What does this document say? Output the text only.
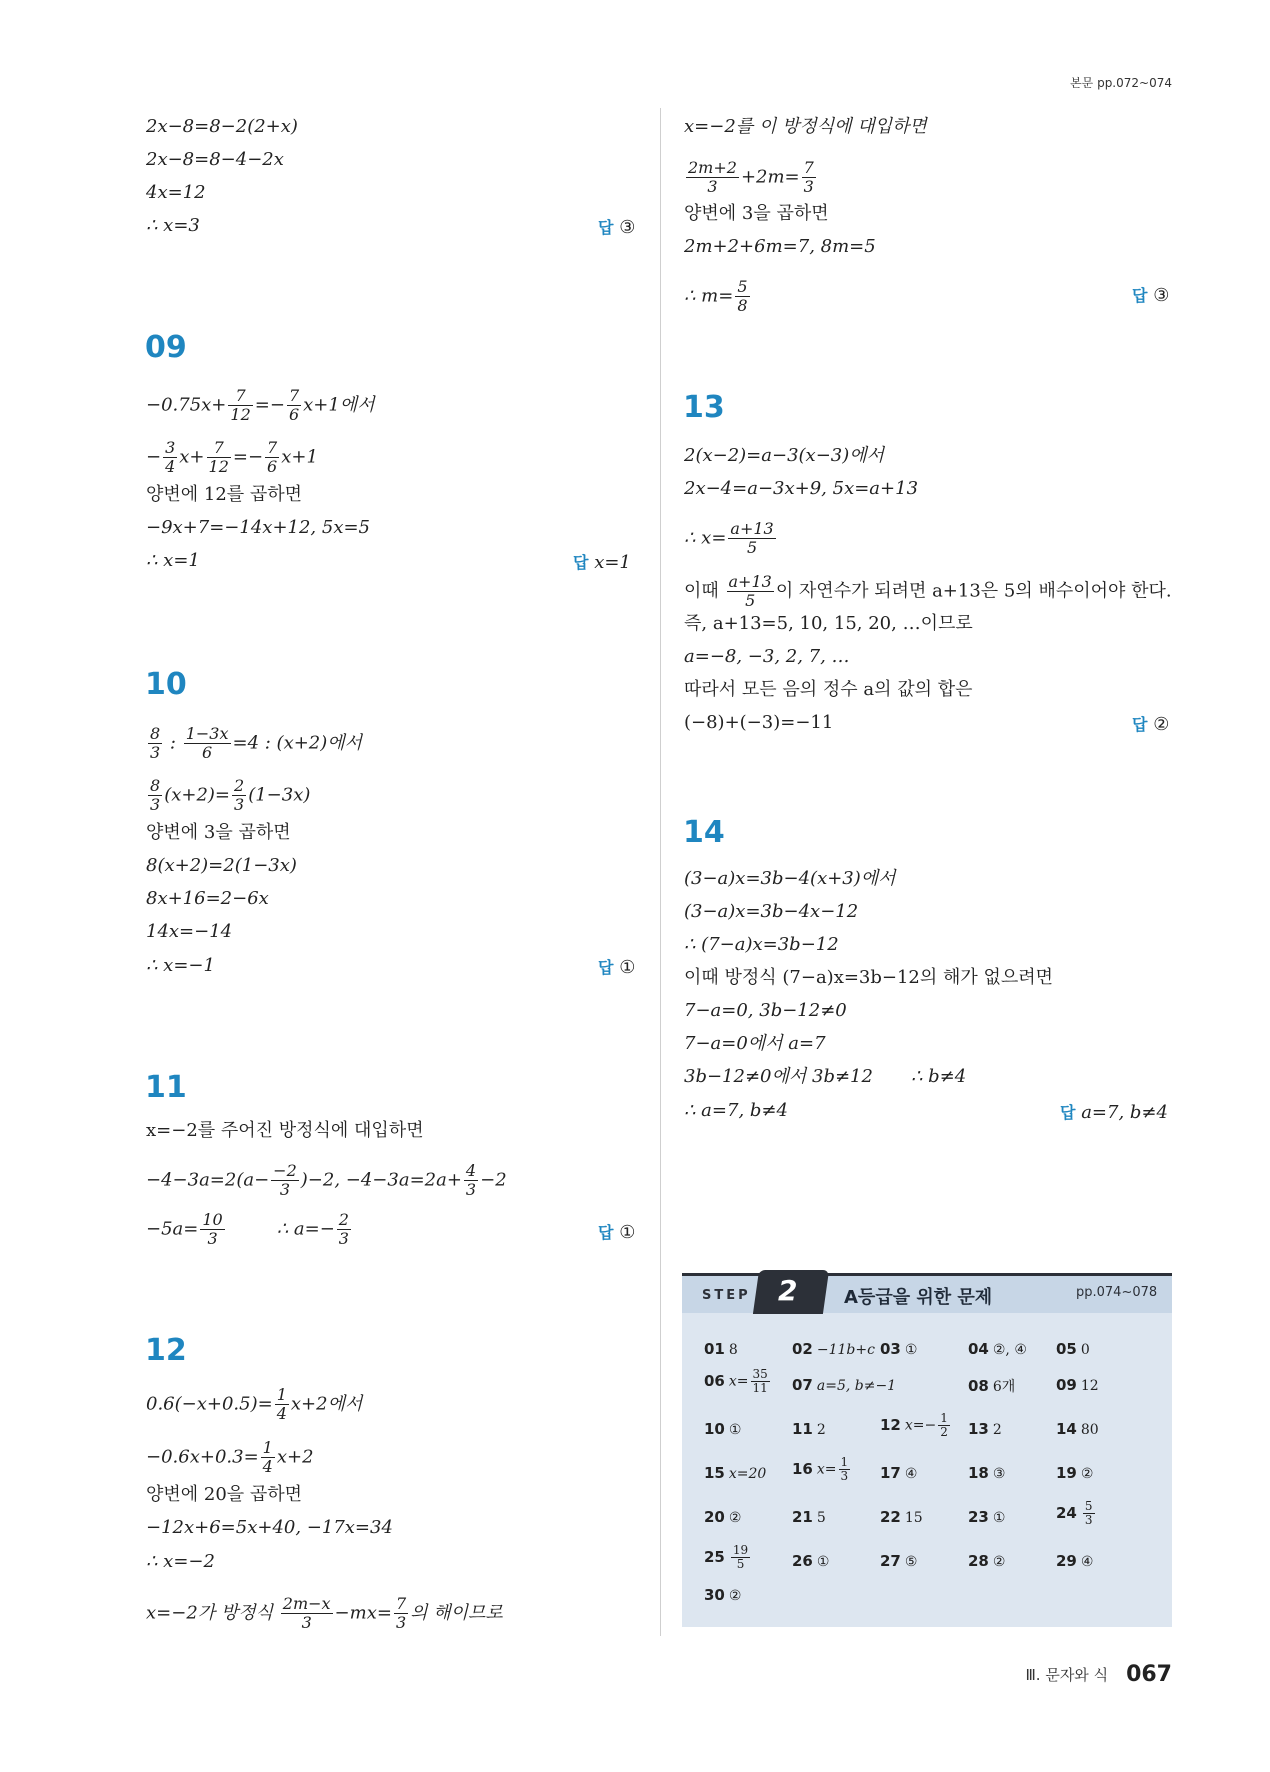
본문 pp.072~074
2x−8=8−2(2+x)
2x−8=8−4−2x
4x=12
∴ x=3	답 ③
09
$-0.75x+ \frac{7}{12} =- \frac{7}{6} x+1$에서
− $\frac{3}{4} x+ \frac{7}{12} =- \frac{7}{6} x+1$
양변에 12를 곱하면
−9x+7=−14x+12, 5x=5
∴ x=1	답 x=1
10
$\frac{8}{3}$ : $\frac{1-3x}{6} =4$ : (x+2)에서
$\frac{8}{3} (x+2)= \frac{2}{3} (1-3x)$
양변에 3을 곱하면
8(x+2)=2(1−3x)
8x+16=2−6x
14x=−14
∴ x=−1	답 ①
11
x=−2를 주어진 방정식에 대입하면
$-4-3a=2(a- \frac{-2}{3} )-2$, $-4-3a=2a+ \frac{4}{3} -2$
$-5a= \frac{10}{3}$	∴ $a=- \frac{2}{3}$	답 ①
12
$0.6(-x+0.5)= \frac{1}{4} x+2$에서
$-0.6x+0.3= \frac{1}{4} x+2$
양변에 20을 곱하면
−12x+6=5x+40, −17x=34
∴ x=−2
x=−2가 방정식 $\frac{2m-x}{3} -mx= \frac{7}{3}$ 의 해이므로
x=−2를 이 방정식에 대입하면
$\frac{2m+2}{3} +2m= \frac{7}{3}$
양변에 3을 곱하면
2m+2+6m=7, 8m=5
∴ $m= \frac{5}{8}$	답 ③
13
2(x−2)=a−3(x−3)에서
2x−4=a−3x+9, 5x=a+13
∴ $x= \frac{a+13}{5}$
이때 $\frac{a+13}{5}$ 이 자연수가 되려면 a+13은 5의 배수이어야 한다.
즉, a+13=5, 10, 15, 20, …이므로
a=−8, −3, 2, 7, …
따라서 모든 음의 정수 a의 값의 합은
(−8)+(−3)=−11	답 ②
14
(3−a)x=3b−4(x+3)에서
(3−a)x=3b−4x−12
∴ (7−a)x=3b−12
이때 방정식 (7−a)x=3b−12의 해가 없으려면
7−a=0, 3b−12≠0
7−a=0에서 a=7
3b−12≠0에서 3b≠12 ∴ b≠4
∴ a=7, b≠4	답 a=7, b≠4
STEP 2	A등급을 위한 문제	pp.074~078
01 8	02 −11b+c 03 ①	04 ②, ④ 05 0
06 $x= \frac{35}{11} 07$ a=5, b≠−1	08 6개	09 12
10 ①	11 2	12 $x=- \frac{1}{2} 13$ 2	14 80
15 x=20 16 $x= \frac{1}{3} 17$ ④	18 ③	19 ②
20 ②	21 5	22 15	23 ①	$24 \frac{5}{3}$
$25 \frac{19}{5}$	26 ①	27 ⑤	28 ②	29 ④
30 ②
Ⅲ. 문자와 식 067
